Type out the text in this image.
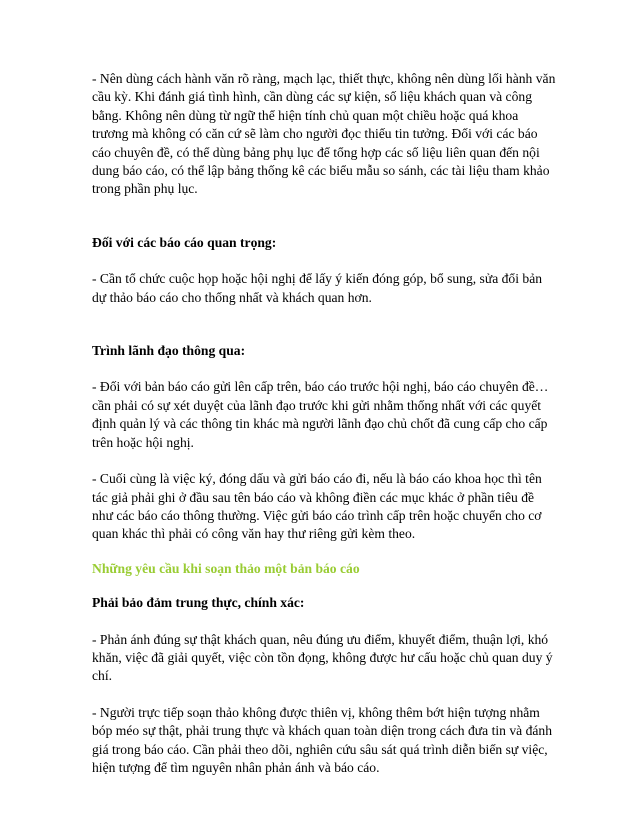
- Nên dùng cách hành văn rõ ràng, mạch lạc, thiết thực, không nên dùng lối hành văn cầu kỳ. Khi đánh giá tình hình, cần dùng các sự kiện, số liệu khách quan và công bằng. Không nên dùng từ ngữ thể hiện tính chủ quan một chiều hoặc quá khoa trương mà không có căn cứ sẽ làm cho người đọc thiếu tin tưởng. Đối với các báo cáo chuyên đề, có thể dùng bảng phụ lục để tổng hợp các số liệu liên quan đến nội dung báo cáo, có thể lập bảng thống kê các biểu mẫu so sánh, các tài liệu tham khảo trong phần phụ lục.

Đối với các báo cáo quan trọng:

- Cần tổ chức cuộc họp hoặc hội nghị để lấy ý kiến đóng góp, bổ sung, sửa đổi bản dự thảo báo cáo cho thống nhất và khách quan hơn.

Trình lãnh đạo thông qua:

- Đối với bản báo cáo gửi lên cấp trên, báo cáo trước hội nghị, báo cáo chuyên đề… cần phải có sự xét duyệt của lãnh đạo trước khi gửi nhằm thống nhất với các quyết định quản lý và các thông tin khác mà người lãnh đạo chủ chốt đã cung cấp cho cấp trên hoặc hội nghị.

- Cuối cùng là việc ký, đóng dấu và gửi báo cáo đi, nếu là báo cáo khoa học thì tên tác giả phải ghi ở đầu sau tên báo cáo và không điền các mục khác ở phần tiêu đề như các báo cáo thông thường. Việc gửi báo cáo trình cấp trên hoặc chuyển cho cơ quan khác thì phải có công văn hay thư riêng gửi kèm theo.

Những yêu cầu khi soạn thảo một bản báo cáo

Phải bảo đảm trung thực, chính xác:

- Phản ánh đúng sự thật khách quan, nêu đúng ưu điểm, khuyết điểm, thuận lợi, khó khăn, việc đã giải quyết, việc còn tồn đọng, không được hư cấu hoặc chủ quan duy ý chí.

- Người trực tiếp soạn thảo không được thiên vị, không thêm bớt hiện tượng nhằm bóp méo sự thật, phải trung thực và khách quan toàn diện trong cách đưa tin và đánh giá trong báo cáo. Cần phải theo dõi, nghiên cứu sâu sát quá trình diễn biến sự việc, hiện tượng để tìm nguyên nhân phản ánh và báo cáo.
